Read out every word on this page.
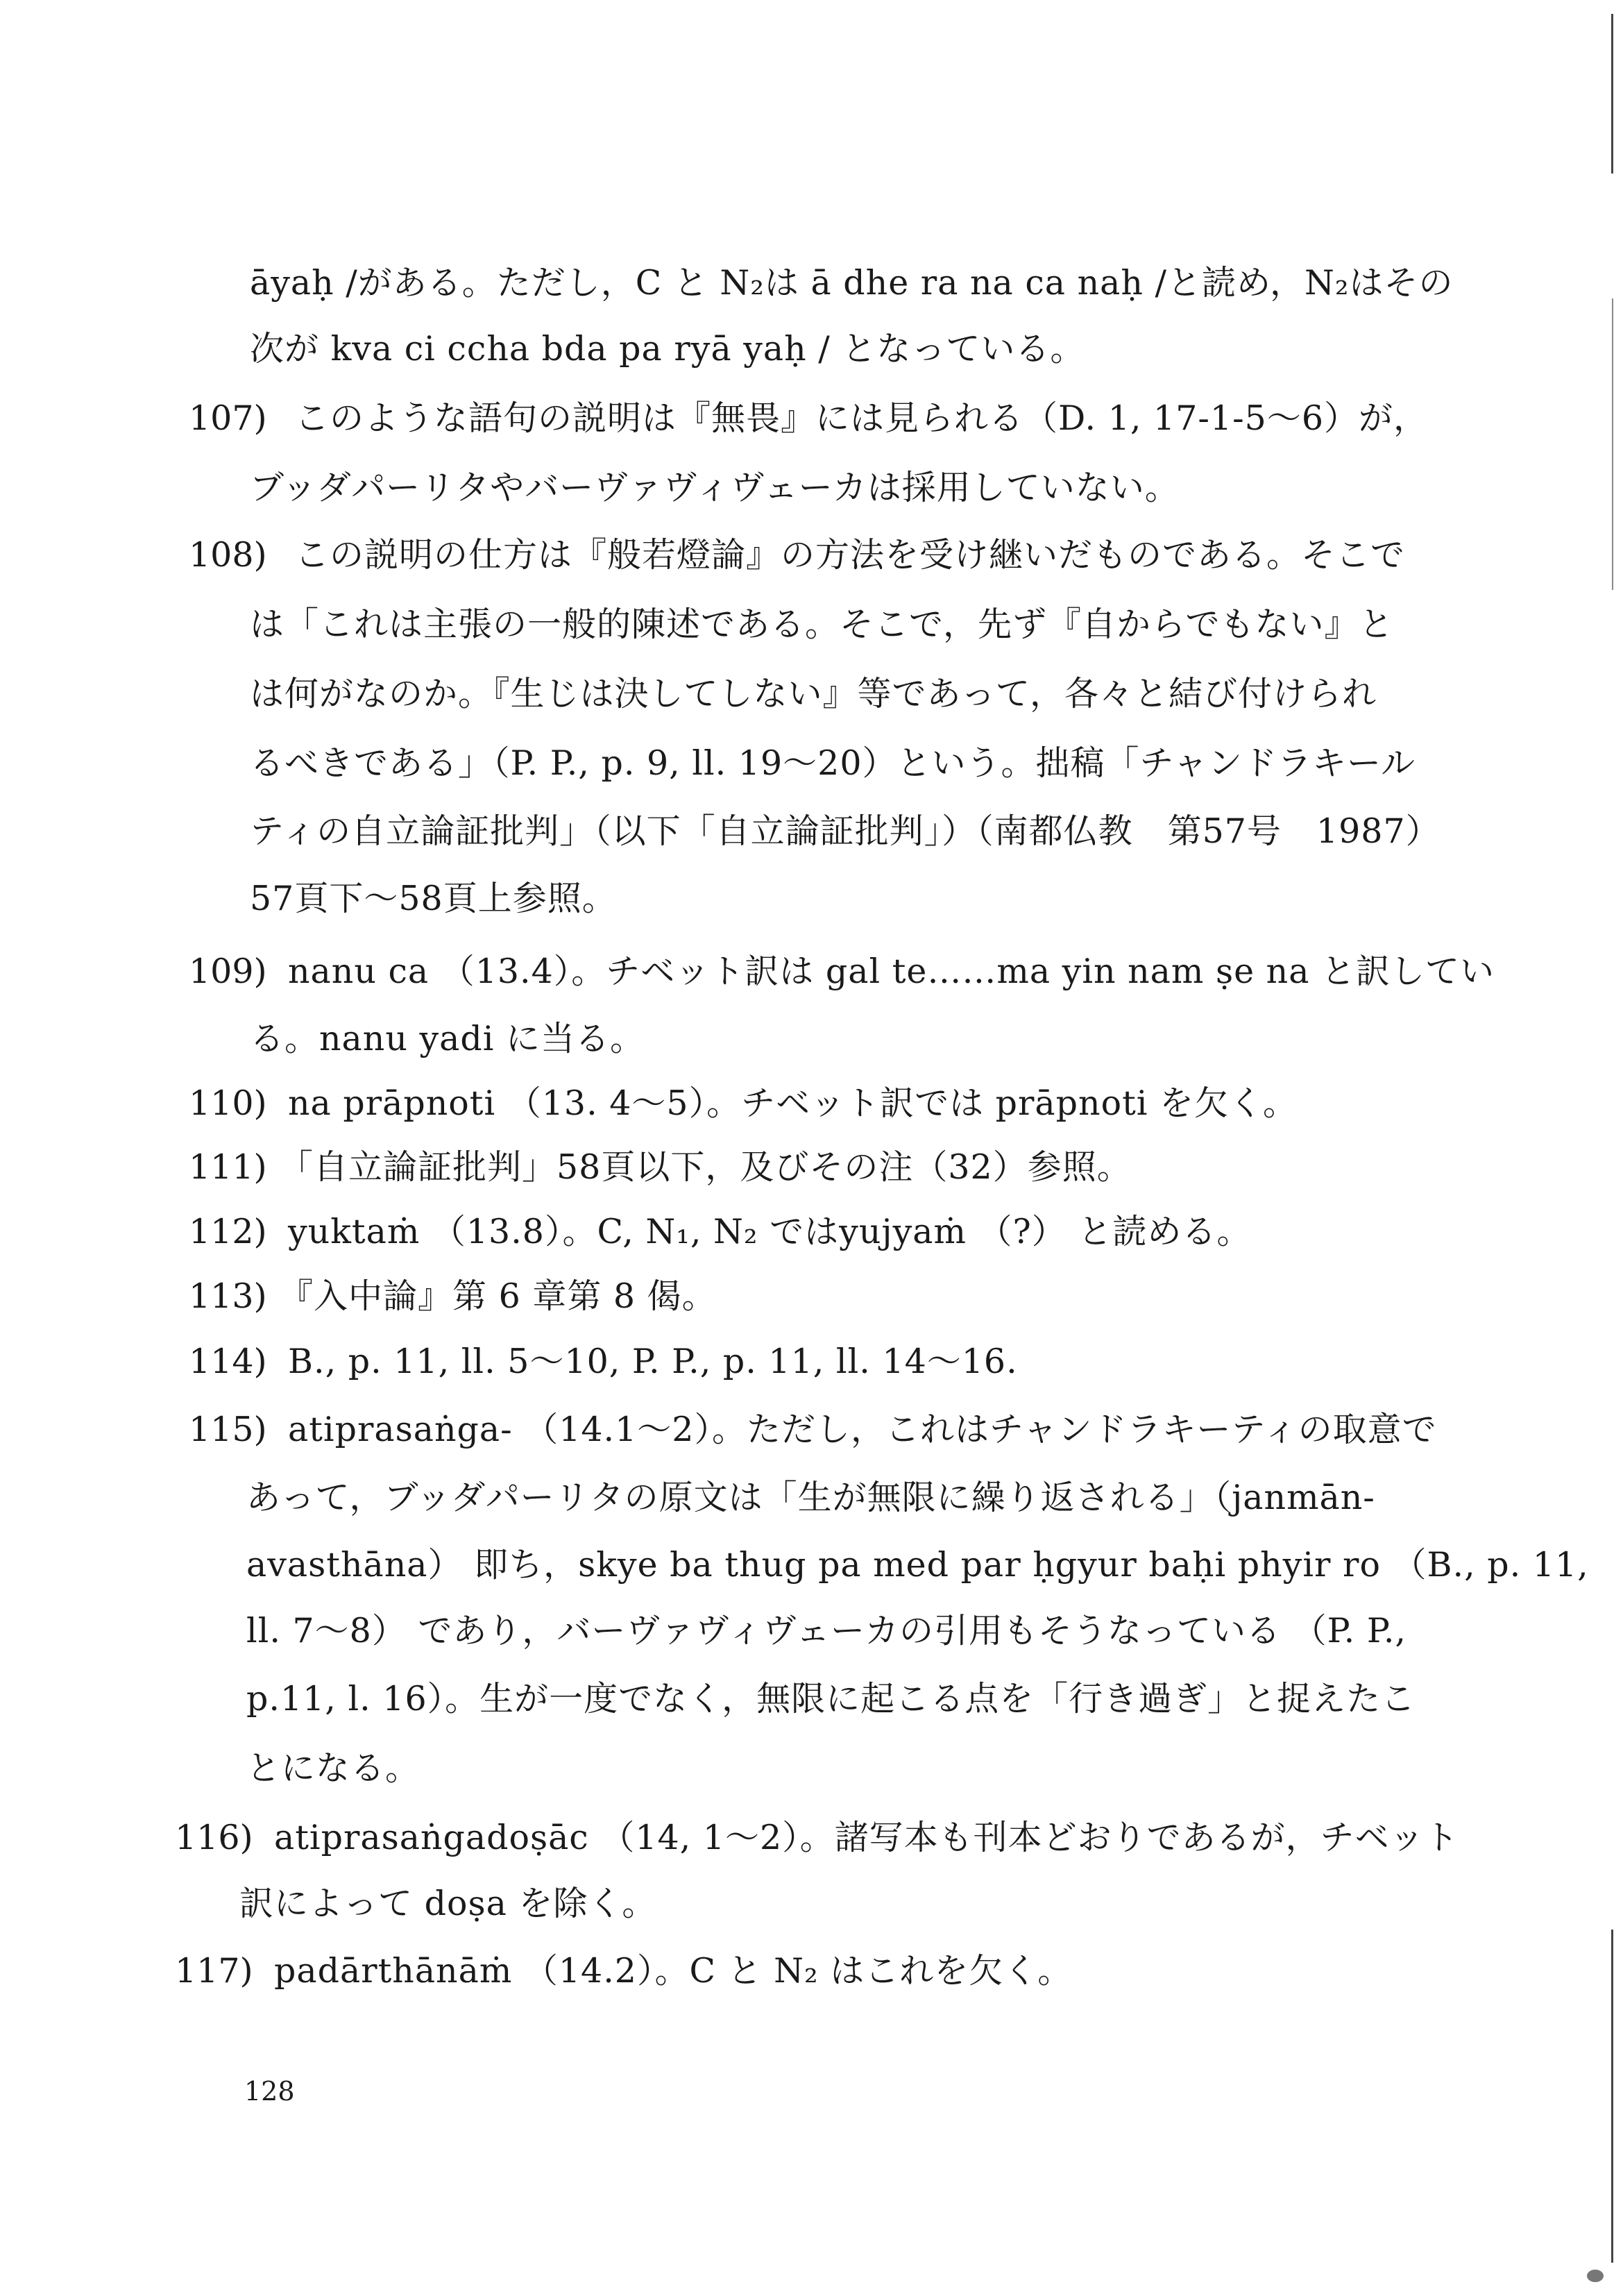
āyaḥ /がある。ただし，C と N₂は ā dhe ra na ca naḥ /と読め，N₂はその
次が kva ci ccha bda pa ryā yaḥ / となっている。
107) このような語句の説明は『無畏』には見られる（D. 1, 17-1-5～6）が，
ブッダパーリタやバーヴァヴィヴェーカは採用していない。
108) この説明の仕方は『般若燈論』の方法を受け継いだものである。そこで
は「これは主張の一般的陳述である。そこで，先ず『自からでもない』と
は何がなのか。『生じは決してしない』等であって，各々と結び付けられ
るべきである」（P. P., p. 9, ll. 19～20）という。拙稿「チャンドラキール
ティの自立論証批判」（以下「自立論証批判」）（南都仏教　第57号　1987）
57頁下～58頁上参照。
109) nanu ca （13.4）。チベット訳は gal te……ma yin nam ṣe na と訳してい
る。nanu yadi に当る。
110) na prāpnoti （13. 4～5）。チベット訳では prāpnoti を欠く。
111) 「自立論証批判」58頁以下，及びその注（32）参照。
112) yuktaṁ （13.8）。C, N₁, N₂ ではyujyaṁ （?） と読める。
113) 『入中論』第 6 章第 8 偈。
114) B., p. 11, ll. 5～10, P. P., p. 11, ll. 14～16.
115) atiprasaṅga- （14.1～2）。ただし，これはチャンドラキーティの取意で
あって，ブッダパーリタの原文は「生が無限に繰り返される」（janmān-
avasthāna） 即ち，skye ba thug pa med par ḥgyur baḥi phyir ro （B., p. 11,
ll. 7～8） であり，バーヴァヴィヴェーカの引用もそうなっている （P. P.,
p.11, l. 16）。生が一度でなく，無限に起こる点を「行き過ぎ」と捉えたこ
とになる。
116) atiprasaṅgadoṣāc （14, 1～2）。諸写本も刊本どおりであるが，チベット
訳によって doṣa を除く。
117) padārthānāṁ （14.2）。C と N₂ はこれを欠く。
128
